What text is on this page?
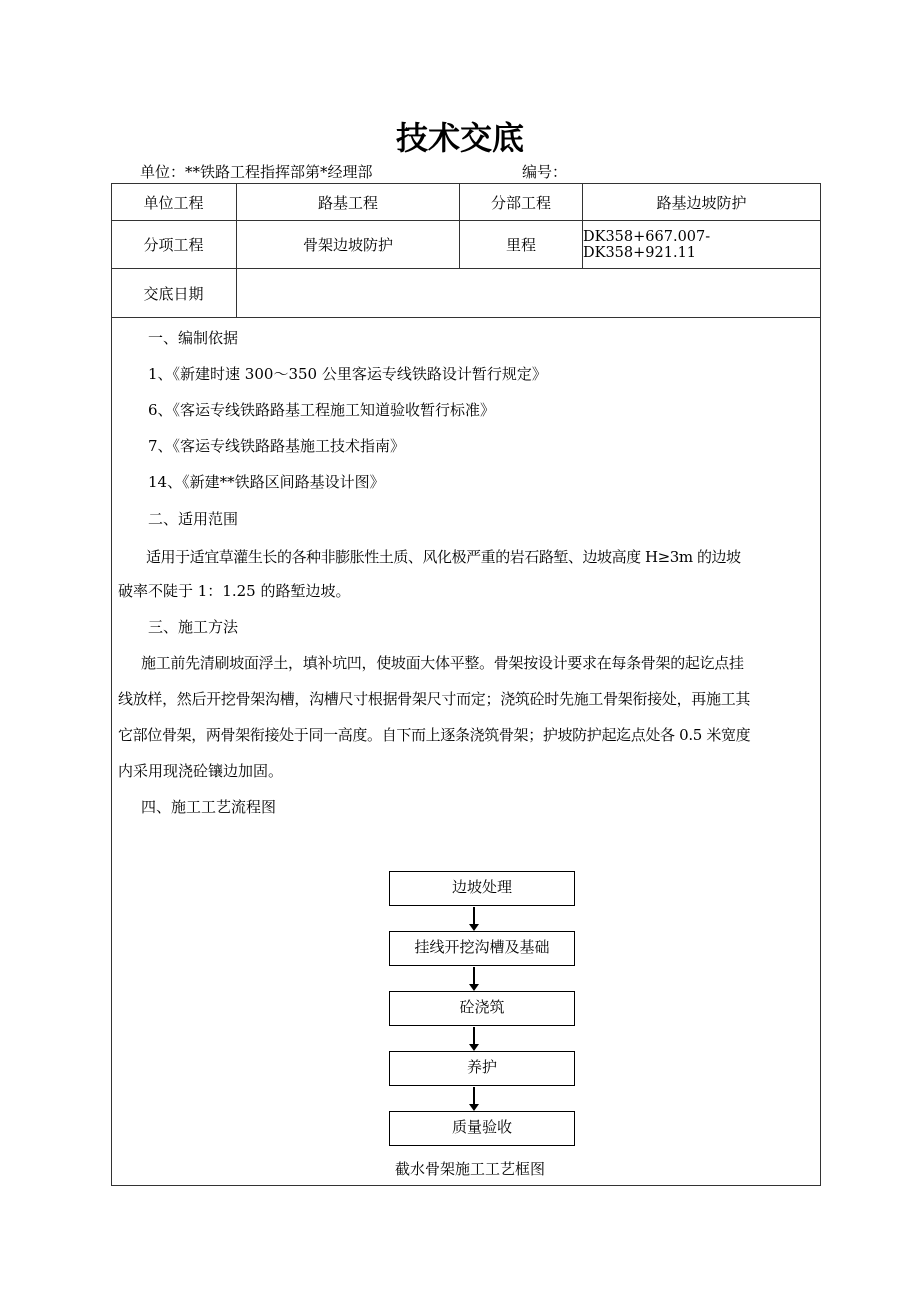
技术交底
单位：**铁路工程指挥部第*经理部	编号：
单位工程	路基工程	分部工程	路基边坡防护
分项工程	骨架边坡防护	里程	DK358+667.007-DK358+921.11
交底日期
一、编制依据
1、《新建时速 300～350 公里客运专线铁路设计暂行规定》
6、《客运专线铁路路基工程施工知道验收暂行标准》
7、《客运专线铁路路基施工技术指南》
14、《新建**铁路区间路基设计图》
二、适用范围
适用于适宜草灌生长的各种非膨胀性土质、风化极严重的岩石路堑、边坡高度 H≥3m 的边坡
破率不陡于 1：1.25 的路堑边坡。
三、施工方法
施工前先清刷坡面浮土，填补坑凹，使坡面大体平整。骨架按设计要求在每条骨架的起讫点挂
线放样，然后开挖骨架沟槽，沟槽尺寸根据骨架尺寸而定；浇筑砼时先施工骨架衔接处，再施工其
它部位骨架，两骨架衔接处于同一高度。自下而上逐条浇筑骨架；护坡防护起迄点处各 0.5 米宽度
内采用现浇砼镶边加固。
四、施工工艺流程图
边坡处理
挂线开挖沟槽及基础
砼浇筑
养护
质量验收
截水骨架施工工艺框图
